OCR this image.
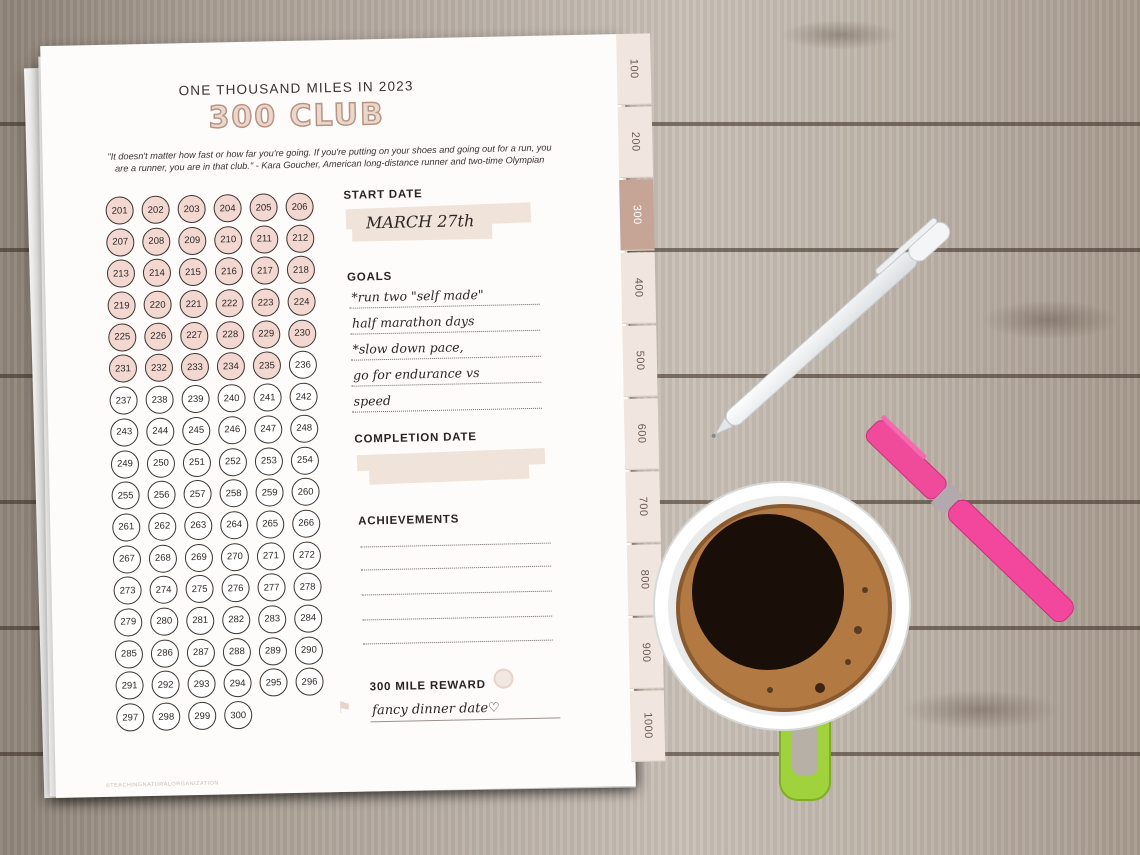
100
200
300
400
500
600
700
800
900
1000
ONE THOUSAND MILES IN 2023
300 CLUB
"It doesn't matter how fast or how far you're going. If you're putting on your shoes and going out for a run, you are a runner, you are in that club." - Kara Goucher, American long-distance runner and two-time Olympian
201	202	203	204	205	206
207	208	209	210	211	212
213	214	215	216	217	218
219	220	221	222	223	224
225	226	227	228	229	230
231	232	233	234	235	236
237	238	239	240	241	242
243	244	245	246	247	248
249	250	251	252	253	254
255	256	257	258	259	260
261	262	263	264	265	266
267	268	269	270	271	272
273	274	275	276	277	278
279	280	281	282	283	284
285	286	287	288	289	290
291	292	293	294	295	296
297	298	299	300	⚑
START DATE
MARCH 27th
GOALS
*run two "self made"
half marathon days
*slow down pace,
go for endurance vs
speed
COMPLETION DATE
ACHIEVEMENTS
300 MILE REWARD
fancy dinner date♡
©TEACHINGNATURALORGANIZATION
